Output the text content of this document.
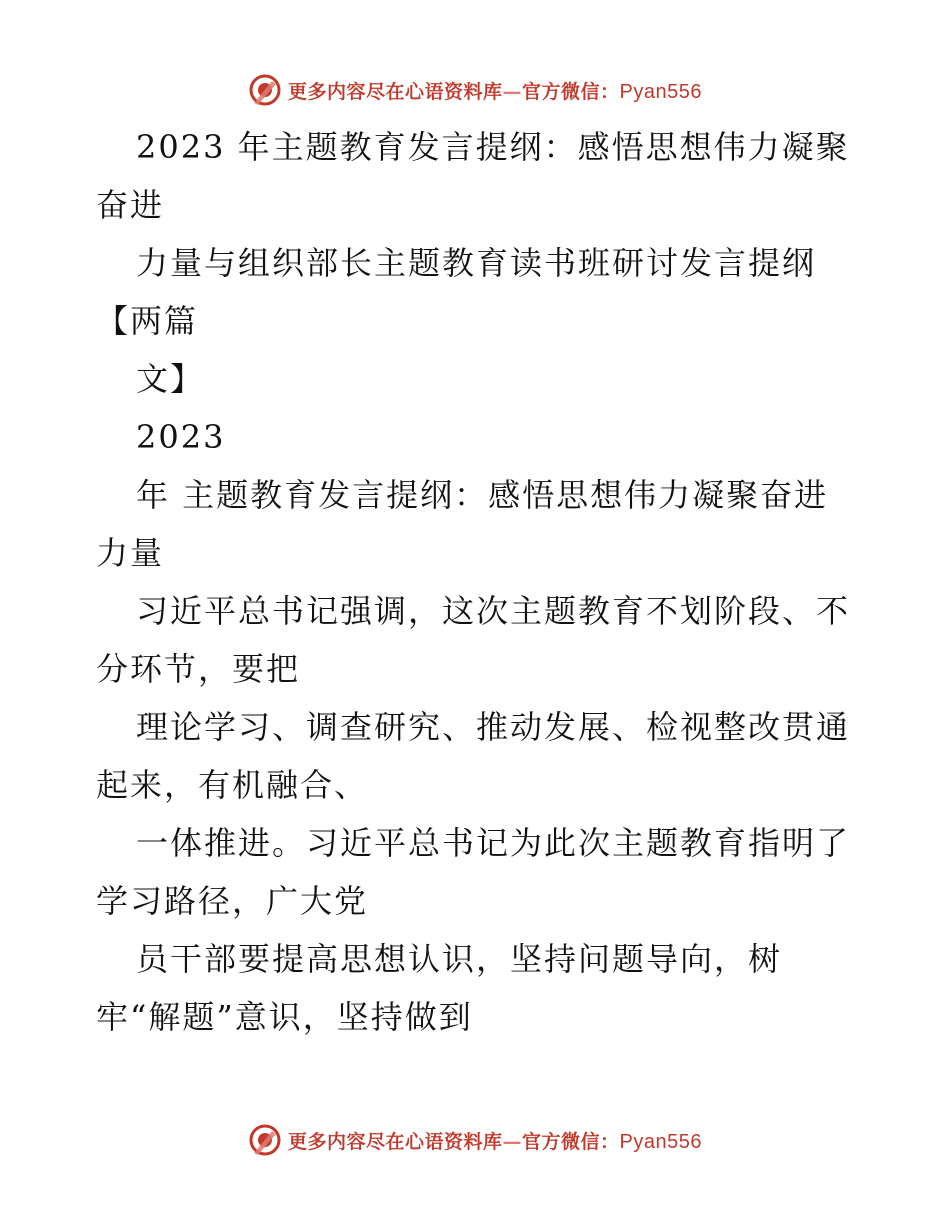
更多内容尽在心语资料库—官方微信：Pyan556
2023 年主题教育发言提纲：感悟思想伟力凝聚
奋进
力量与组织部长主题教育读书班研讨发言提纲
【两篇
文】
2023
年 主题教育发言提纲：感悟思想伟力凝聚奋进
力量
习近平总书记强调，这次主题教育不划阶段、不
分环节，要把
理论学习、调查研究、推动发展、检视整改贯通
起来，有机融合、
一体推进。习近平总书记为此次主题教育指明了
学习路径，广大党
员干部要提高思想认识，坚持问题导向，树
牢“解题”意识，坚持做到
更多内容尽在心语资料库—官方微信：Pyan556
